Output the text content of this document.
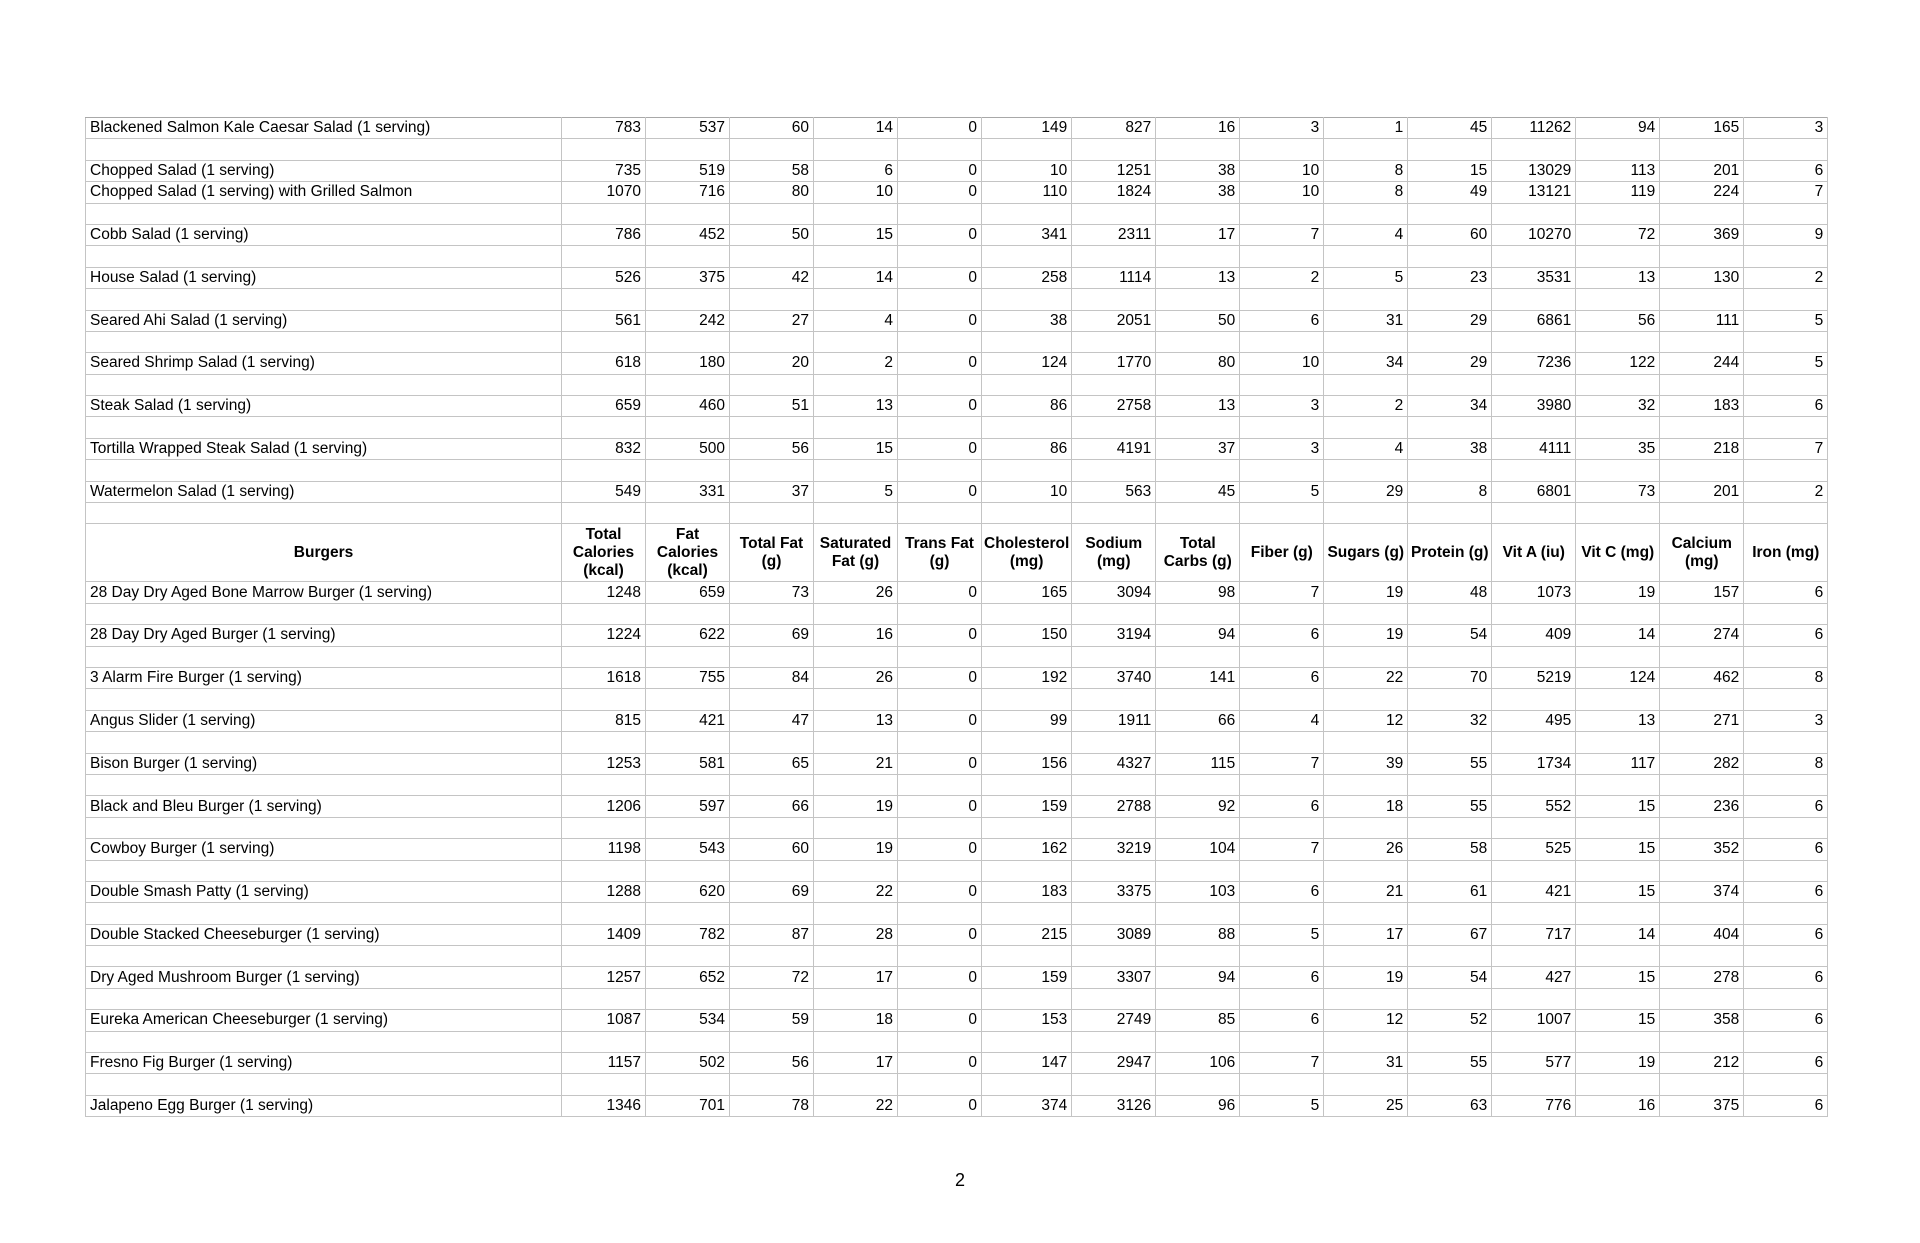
Blackened Salmon Kale Caesar Salad (1 serving)	783	537	60	14	0	149	827	16	3	1	45	11262	94	165	3

Chopped Salad (1 serving)	735	519	58	6	0	10	1251	38	10	8	15	13029	113	201	6
Chopped Salad (1 serving) with Grilled Salmon	1070	716	80	10	0	110	1824	38	10	8	49	13121	119	224	7

Cobb Salad (1 serving)	786	452	50	15	0	341	2311	17	7	4	60	10270	72	369	9

House Salad (1 serving)	526	375	42	14	0	258	1114	13	2	5	23	3531	13	130	2

Seared Ahi Salad (1 serving)	561	242	27	4	0	38	2051	50	6	31	29	6861	56	111	5

Seared Shrimp Salad (1 serving)	618	180	20	2	0	124	1770	80	10	34	29	7236	122	244	5

Steak Salad (1 serving)	659	460	51	13	0	86	2758	13	3	2	34	3980	32	183	6

Tortilla Wrapped Steak Salad (1 serving)	832	500	56	15	0	86	4191	37	3	4	38	4111	35	218	7

Watermelon Salad (1 serving)	549	331	37	5	0	10	563	45	5	29	8	6801	73	201	2

Burgers	Total Calories (kcal)	Fat Calories (kcal)	Total Fat (g)	Saturated Fat (g)	Trans Fat (g)	Cholesterol (mg)	Sodium (mg)	Total Carbs (g)	Fiber (g)	Sugars (g)	Protein (g)	Vit A (iu)	Vit C (mg)	Calcium (mg)	Iron (mg)
28 Day Dry Aged Bone Marrow Burger (1 serving)	1248	659	73	26	0	165	3094	98	7	19	48	1073	19	157	6

28 Day Dry Aged Burger (1 serving)	1224	622	69	16	0	150	3194	94	6	19	54	409	14	274	6

3 Alarm Fire Burger (1 serving)	1618	755	84	26	0	192	3740	141	6	22	70	5219	124	462	8

Angus Slider (1 serving)	815	421	47	13	0	99	1911	66	4	12	32	495	13	271	3

Bison Burger (1 serving)	1253	581	65	21	0	156	4327	115	7	39	55	1734	117	282	8

Black and Bleu Burger (1 serving)	1206	597	66	19	0	159	2788	92	6	18	55	552	15	236	6

Cowboy Burger (1 serving)	1198	543	60	19	0	162	3219	104	7	26	58	525	15	352	6

Double Smash Patty (1 serving)	1288	620	69	22	0	183	3375	103	6	21	61	421	15	374	6

Double Stacked Cheeseburger (1 serving)	1409	782	87	28	0	215	3089	88	5	17	67	717	14	404	6

Dry Aged Mushroom Burger (1 serving)	1257	652	72	17	0	159	3307	94	6	19	54	427	15	278	6

Eureka American Cheeseburger (1 serving)	1087	534	59	18	0	153	2749	85	6	12	52	1007	15	358	6

Fresno Fig Burger (1 serving)	1157	502	56	17	0	147	2947	106	7	31	55	577	19	212	6

Jalapeno Egg Burger (1 serving)	1346	701	78	22	0	374	3126	96	5	25	63	776	16	375	6
2
